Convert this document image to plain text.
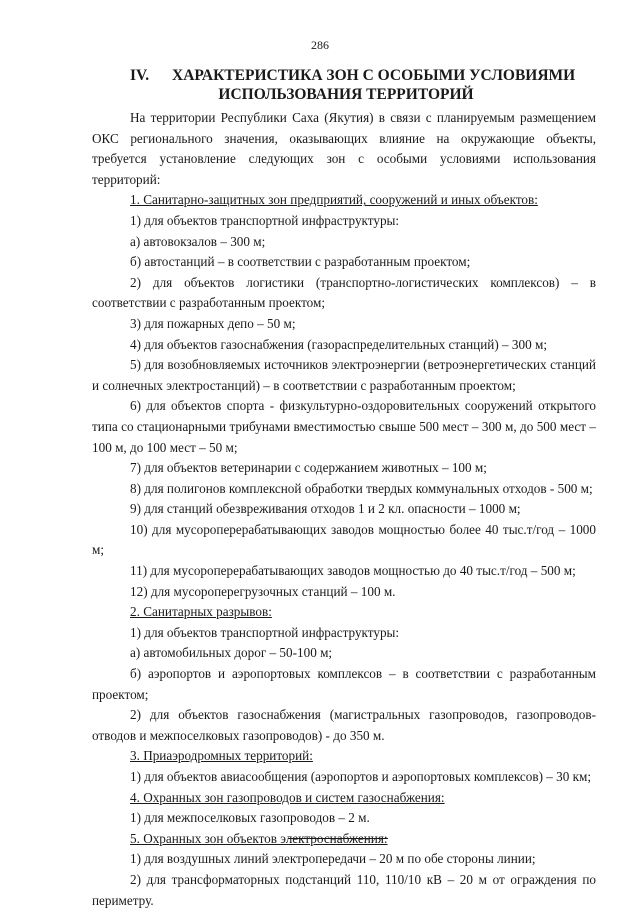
286
IV. ХАРАКТЕРИСТИКА ЗОН С ОСОБЫМИ УСЛОВИЯМИ
ИСПОЛЬЗОВАНИЯ ТЕРРИТОРИЙ

На территории Республики Саха (Якутия) в связи с планируемым размещением ОКС регионального значения, оказывающих влияние на окружающие объекты, требуется установление следующих зон с особыми условиями использования территорий:

1. Санитарно-защитных зон предприятий, сооружений и иных объектов:

1) для объектов транспортной инфраструктуры:

а) автовокзалов – 300 м;

б) автостанций – в соответствии с разработанным проектом;

2) для объектов логистики (транспортно-логистических комплексов) – в соответствии с разработанным проектом;

3) для пожарных депо – 50 м;

4) для объектов газоснабжения (газораспределительных станций) – 300 м;

5) для возобновляемых источников электроэнергии (ветроэнергетических станций и солнечных электростанций) – в соответствии с разработанным проектом;

6) для объектов спорта - физкультурно-оздоровительных сооружений открытого типа со стационарными трибунами вместимостью свыше 500 мест – 300 м, до 500 мест – 100 м, до 100 мест – 50 м;

7) для объектов ветеринарии с содержанием животных – 100 м;

8) для полигонов комплексной обработки твердых коммунальных отходов - 500 м;

9) для станций обезвреживания отходов 1 и 2 кл. опасности – 1000 м;

10) для мусороперерабатывающих заводов мощностью более 40 тыс.т/год – 1000 м;

11) для мусороперерабатывающих заводов мощностью до 40 тыс.т/год – 500 м;

12) для мусороперегрузочных станций – 100 м.

2. Санитарных разрывов:

1) для объектов транспортной инфраструктуры:

а) автомобильных дорог – 50-100 м;

б) аэропортов и аэропортовых комплексов – в соответствии с разработанным проектом;

2) для объектов газоснабжения (магистральных газопроводов, газопроводов-отводов и межпоселковых газопроводов) - до 350 м.

3. Приаэродромных территорий:

1) для объектов авиасообщения (аэропортов и аэропортовых комплексов) – 30 км;

4. Охранных зон газопроводов и систем газоснабжения:

1) для межпоселковых газопроводов – 2 м.

5. Охранных зон объектов электроснабжения:

1) для воздушных линий электропередачи – 20 м по обе стороны линии;

2) для трансформаторных подстанций 110, 110/10 кВ – 20 м от ограждения по периметру.
